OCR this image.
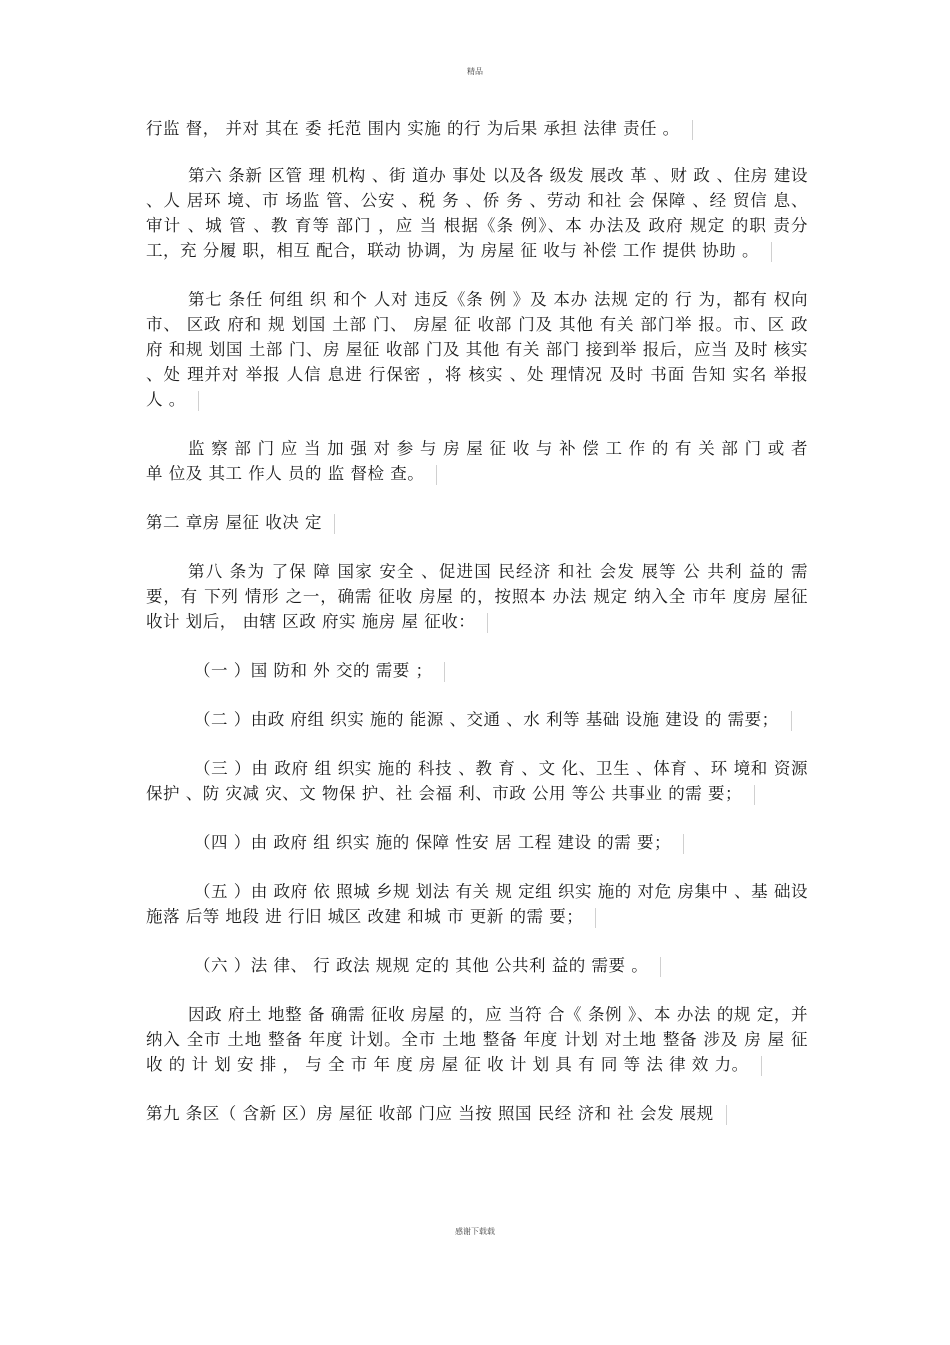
精品

行监 督， 并对 其在 委 托范 围内 实施 的行 为后果 承担 法律 责任 。

第六 条新 区管 理 机构 、街 道办 事处 以及各 级发 展改 革 、财 政 、住房 建设 、人 居环 境、市 场监 管、公安 、税 务 、侨 务 、劳动 和社 会 保障 、经 贸信 息、审计 、城 管 、教 育等 部门 ，应 当 根据《条 例》、本 办法及 政府 规定 的职 责分 工，充 分履 职，相互 配合，联动 协调，为 房屋 征 收与 补偿 工作 提供 协助 。

第七 条任 何组 织 和个 人对 违反《条 例 》及 本办 法规 定的 行 为，都有 权向 市、 区政 府和 规 划国 土部 门、 房屋 征 收部 门及 其他 有关 部门举 报。市、区 政府 和规 划国 土部 门、房 屋征 收部 门及 其他 有关 部门 接到举 报后，应当 及时 核实 、处 理并对 举报 人信 息进 行保密 ，将 核实 、处 理情况 及时 书面 告知 实名 举报 人 。

监 察 部 门 应 当 加 强 对 参 与 房 屋 征 收 与 补 偿 工 作 的 有 关 部 门 或 者 单 位及 其工 作人 员的 监 督检 查。

第二 章房 屋征 收决 定

第八 条为 了保 障 国家 安全 、促进国 民经济 和社 会发 展等 公 共利 益的 需要，有 下列 情形 之一，确需 征收 房屋 的，按照本 办法 规定 纳入全 市年 度房 屋征 收计 划后， 由辖 区政 府实 施房 屋 征收：

（一 ）国 防和 外 交的 需要 ；

（二 ）由政 府组 织实 施的 能源 、交通 、水 利等 基础 设施 建设 的 需要；

（三 ）由 政府 组 织实 施的 科技 、教 育 、文 化、卫生 、体育 、环 境和 资源 保护 、防 灾减 灾、文 物保 护、社 会福 利、市政 公用 等公 共事业 的需 要；

（四 ）由 政府 组 织实 施的 保障 性安 居 工程 建设 的需 要；

（五 ）由 政府 依 照城 乡规 划法 有关 规 定组 织实 施的 对危 房集中 、基 础设 施落 后等 地段 进 行旧 城区 改建 和城 市 更新 的需 要；

（六 ）法 律、 行 政法 规规 定的 其他 公共利 益的 需要 。

因政 府土 地整 备 确需 征收 房屋 的，应 当符 合《 条例 》、本 办法 的规 定，并 纳入 全市 土地 整备 年度 计划。全市 土地 整备 年度 计划 对土地 整备 涉及 房 屋 征 收 的 计 划 安 排 ， 与 全 市 年 度 房 屋 征 收 计 划 具 有 同 等 法 律 效 力。

第九 条区（ 含新 区）房 屋征 收部 门应 当按 照国 民经 济和 社 会发 展规

感谢下载载
